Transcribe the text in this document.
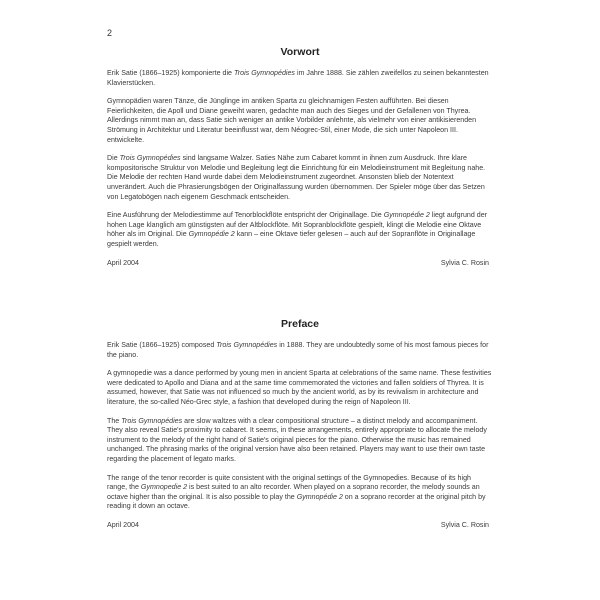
2
Vorwort

Erik Satie (1866–1925) komponierte die Trois Gymnopédies im Jahre 1888. Sie zählen zweifellos zu seinen bekanntesten Klavierstücken.

Gymnopädien waren Tänze, die Jünglinge im antiken Sparta zu gleichnamigen Festen aufführten. Bei diesen Feierlichkeiten, die Apoll und Diane geweiht waren, gedachte man auch des Sieges und der Gefallenen von Thyrea. Allerdings nimmt man an, dass Satie sich weniger an antike Vorbilder anlehnte, als vielmehr von einer antikisierenden Strömung in Architektur und Literatur beeinflusst war, dem Néogrec-Stil, einer Mode, die sich unter Napoleon III. entwickelte.

Die Trois Gymnopédies sind langsame Walzer. Saties Nähe zum Cabaret kommt in ihnen zum Ausdruck. Ihre klare kompositorische Struktur von Melodie und Begleitung legt die Einrichtung für ein Melodieinstrument mit Begleitung nahe. Die Melodie der rechten Hand wurde dabei dem Melodieinstrument zugeordnet. Ansonsten blieb der Notentext unverändert. Auch die Phrasierungsbögen der Originalfassung wurden übernommen. Der Spieler möge über das Setzen von Legatobögen nach eigenem Geschmack entscheiden.

Eine Ausführung der Melodiestimme auf Tenorblockflöte entspricht der Originallage. Die Gymnopédie 2 liegt aufgrund der hohen Lage klanglich am günstigsten auf der Altblockflöte. Mit Sopranblockflöte gespielt, klingt die Melodie eine Oktave höher als im Original. Die Gymnopédie 2 kann – eine Oktave tiefer gelesen – auch auf der Sopranflöte in Originallage gespielt werden.

April 2004	Sylvia C. Rosin
Preface

Erik Satie (1866–1925) composed Trois Gymnopédies in 1888. They are undoubtedly some of his most famous pieces for the piano.

A gymnopedie was a dance performed by young men in ancient Sparta at celebrations of the same name. These festivities were dedicated to Apollo and Diana and at the same time commemorated the victories and fallen soldiers of Thyrea. It is assumed, however, that Satie was not influenced so much by the ancient world, as by its revivalism in architecture and literature, the so-called Néo-Grec style, a fashion that developed during the reign of Napoleon III.

The Trois Gymnopédies are slow waltzes with a clear compositional structure – a distinct melody and accompaniment. They also reveal Satie's proximity to cabaret. It seems, in these arrangements, entirely appropriate to allocate the melody instrument to the melody of the right hand of Satie's original pieces for the piano. Otherwise the music has remained unchanged. The phrasing marks of the original version have also been retained. Players may want to use their own taste regarding the placement of legato marks.

The range of the tenor recorder is quite consistent with the original settings of the Gymnopedies. Because of its high range, the Gymnopedie 2 is best suited to an alto recorder. When played on a soprano recorder, the melody sounds an octave higher than the original. It is also possible to play the Gymnopédie 2 on a soprano recorder at the original pitch by reading it down an octave.

April 2004	Sylvia C. Rosin
